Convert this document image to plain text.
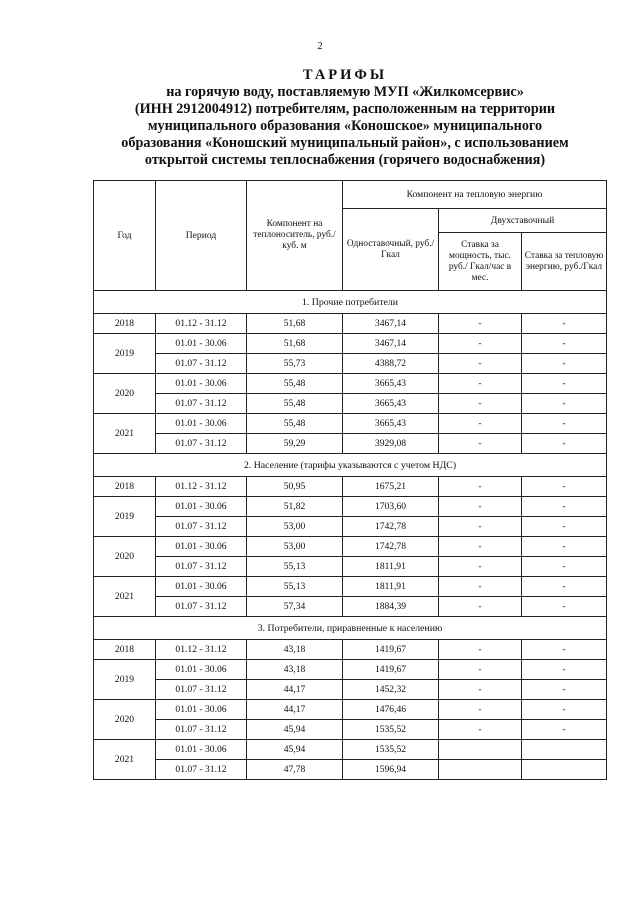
2
ТАРИФЫ
на горячую воду, поставляемую МУП «Жилкомсервис»
(ИНН 2912004912) потребителям, расположенным на территории
муниципального образования «Коношское» муниципального
образования «Коношский муниципальный район», с использованием
открытой системы теплоснабжения (горячего водоснабжения)
Год	Период	Компонент на теплоноситель, руб./куб. м	Компонент на тепловую энергию		
			Одноставочный, руб./Гкал	Двухставочный	
				Ставка за мощность, тыс. руб./ Гкал/час в мес.	Ставка за тепловую энергию, руб./Гкал
1. Прочие потребители					
2018	01.12 - 31.12	51,68	3467,14	-	-
2019	01.01 - 30.06	51,68	3467,14	-	-
	01.07 - 31.12	55,73	4388,72	-	-
2020	01.01 - 30.06	55,48	3665,43	-	-
	01.07 - 31.12	55,48	3665,43	-	-
2021	01.01 - 30.06	55,48	3665,43	-	-
	01.07 - 31.12	59,29	3929,08	-	-
2. Население (тарифы указываются с учетом НДС)					
2018	01.12 - 31.12	50,95	1675,21	-	-
2019	01.01 - 30.06	51,82	1703,60	-	-
	01.07 - 31.12	53,00	1742,78	-	-
2020	01.01 - 30.06	53,00	1742,78	-	-
	01.07 - 31.12	55,13	1811,91	-	-
2021	01.01 - 30.06	55,13	1811,91	-	-
	01.07 - 31.12	57,34	1884,39	-	-
3. Потребители, приравненные к населению					
2018	01.12 - 31.12	43,18	1419,67	-	-
2019	01.01 - 30.06	43,18	1419,67	-	-
	01.07 - 31.12	44,17	1452,32	-	-
2020	01.01 - 30.06	44,17	1476,46	-	-
	01.07 - 31.12	45,94	1535,52	-	-
2021	01.01 - 30.06	45,94	1535,52		
	01.07 - 31.12	47,78	1596,94		
